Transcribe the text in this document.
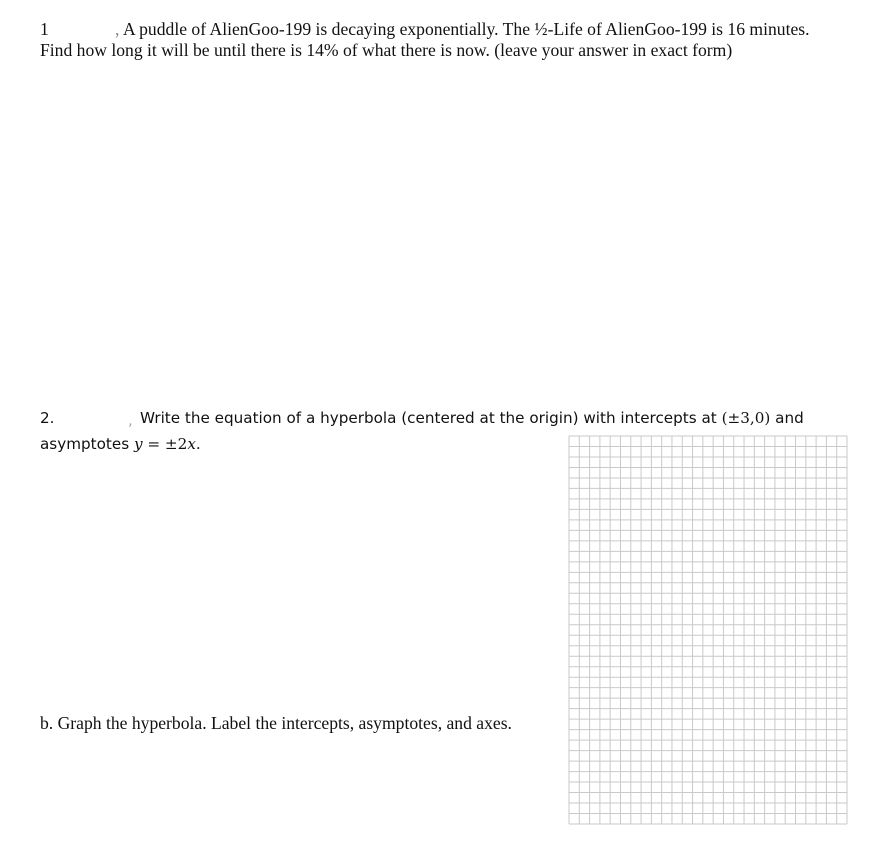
1	, A puddle of AlienGoo-199 is decaying exponentially. The ½-Life of AlienGoo-199 is 16 minutes.
Find how long it will be until there is 14% of what there is now. (leave your answer in exact form)
2.	, Write the equation of a hyperbola (centered at the origin) with intercepts at (±3,0) and
asymptotes y = ±2x.
b. Graph the hyperbola. Label the intercepts, asymptotes, and axes.
